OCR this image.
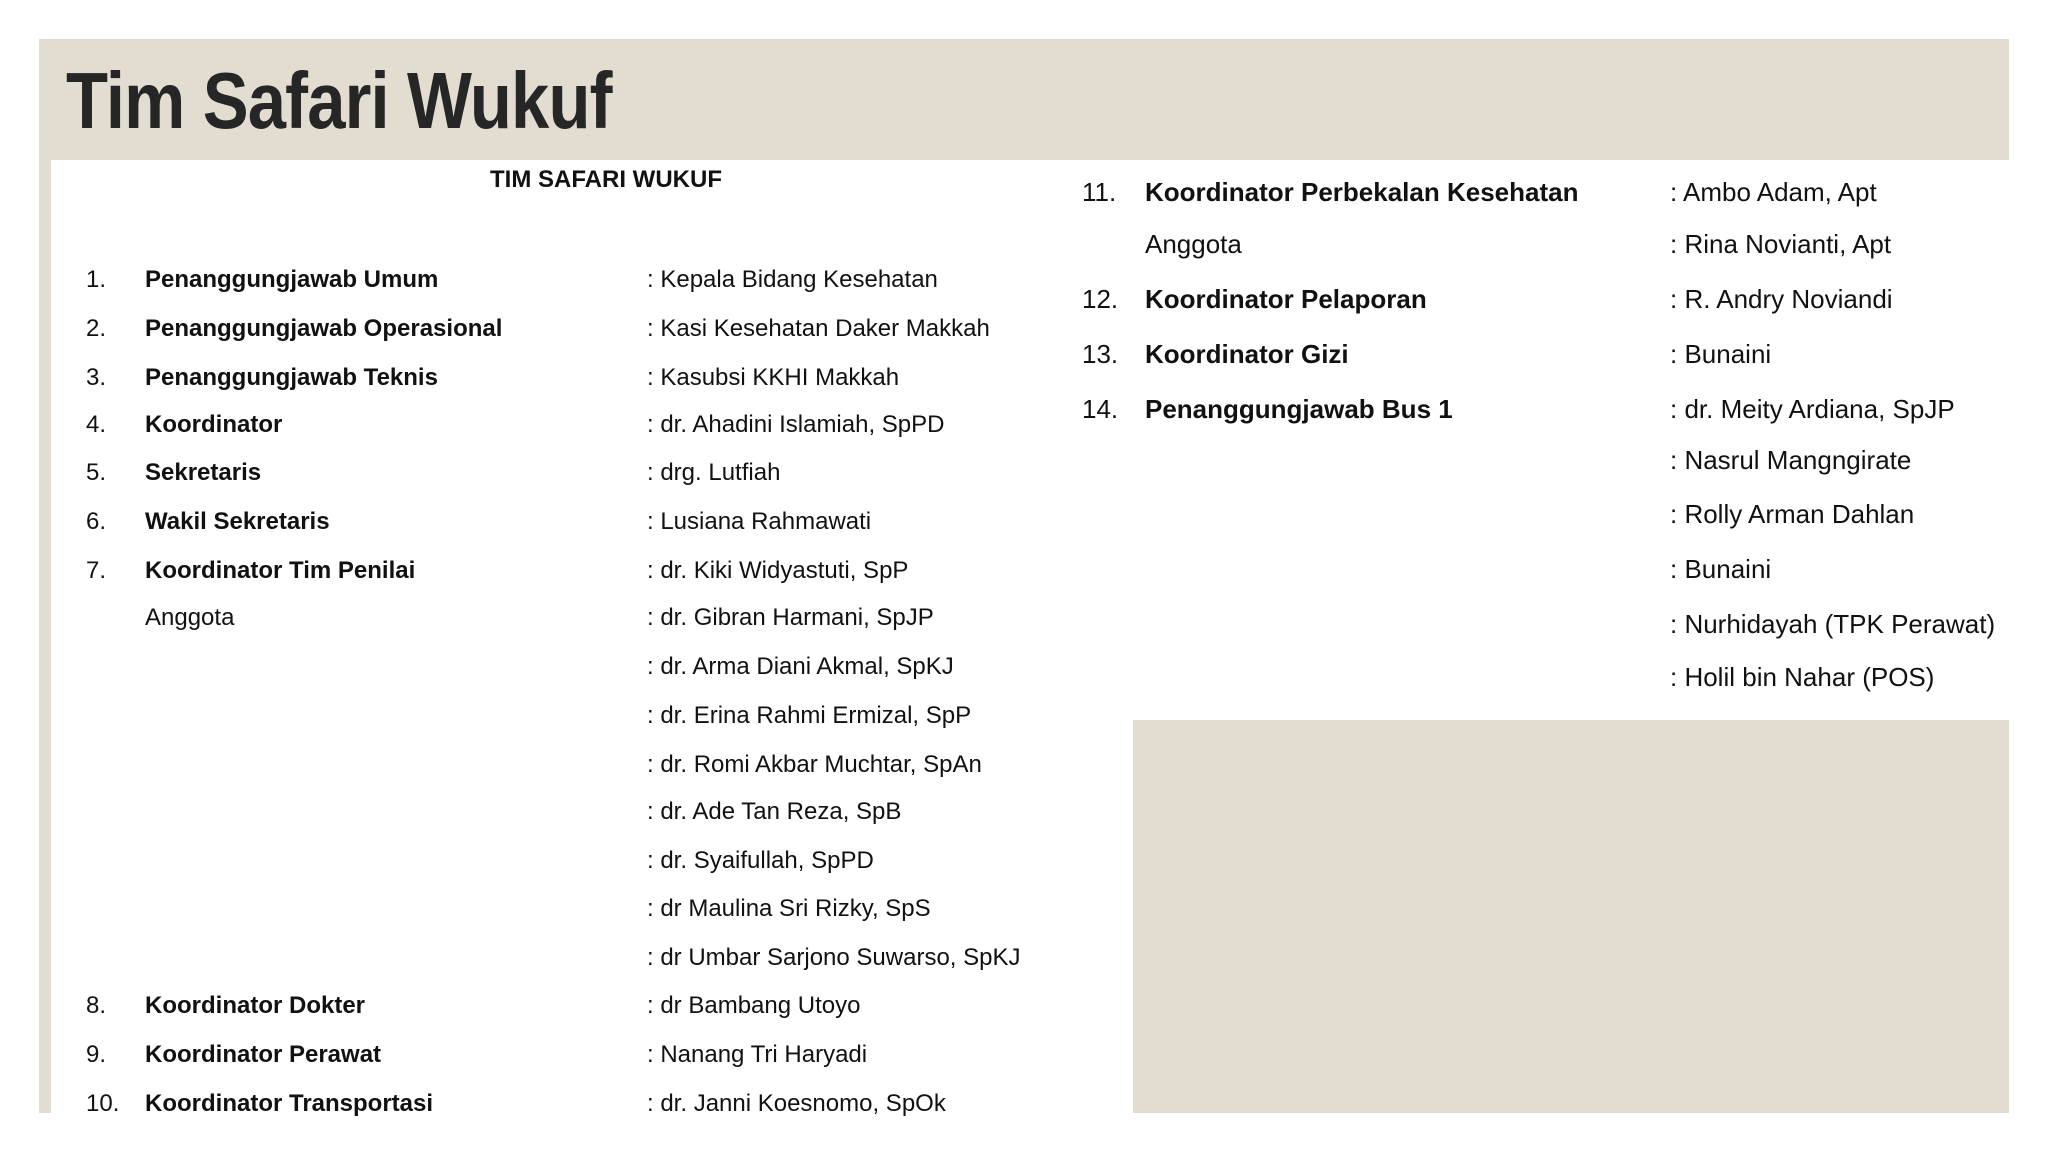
Tim Safari Wukuf
TIM SAFARI WUKUF
1. Penanggungjawab Umum	: Kepala Bidang Kesehatan
2. Penanggungjawab Operasional	: Kasi Kesehatan Daker Makkah
3. Penanggungjawab Teknis	: Kasubsi KKHI Makkah
4. Koordinator	: dr. Ahadini Islamiah, SpPD
5. Sekretaris	: drg. Lutfiah
6. Wakil Sekretaris	: Lusiana Rahmawati
7. Koordinator Tim Penilai	: dr. Kiki Widyastuti, SpP
Anggota	: dr. Gibran Harmani, SpJP
: dr. Arma Diani Akmal, SpKJ
: dr. Erina Rahmi Ermizal, SpP
: dr. Romi Akbar Muchtar, SpAn
: dr. Ade Tan Reza, SpB
: dr. Syaifullah, SpPD
: dr Maulina Sri Rizky, SpS
: dr Umbar Sarjono Suwarso, SpKJ
8. Koordinator Dokter	: dr Bambang Utoyo
9. Koordinator Perawat	: Nanang Tri Haryadi
10. Koordinator Transportasi	: dr. Janni Koesnomo, SpOk
11. Koordinator Perbekalan Kesehatan	: Ambo Adam, Apt
Anggota	: Rina Novianti, Apt
12. Koordinator Pelaporan	: R. Andry Noviandi
13. Koordinator Gizi	: Bunaini
14. Penanggungjawab Bus 1	: dr. Meity Ardiana, SpJP
: Nasrul Mangngirate
: Rolly Arman Dahlan
: Bunaini
: Nurhidayah (TPK Perawat)
: Holil bin Nahar (POS)
